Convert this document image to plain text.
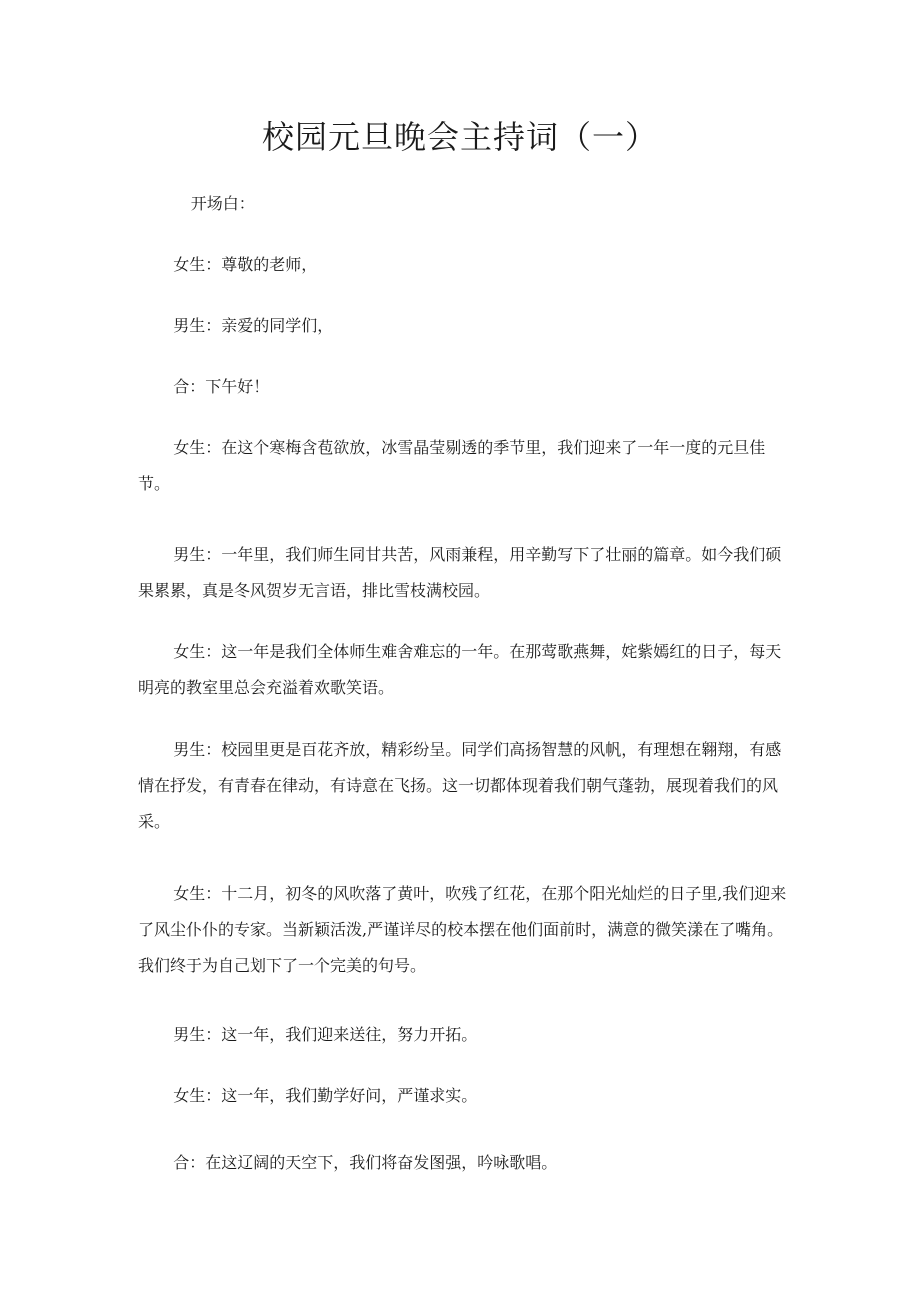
校园元旦晚会主持词（一）

开场白：

女生：尊敬的老师，

男生：亲爱的同学们，

合：下午好！

女生：在这个寒梅含苞欲放，冰雪晶莹剔透的季节里，我们迎来了一年一度的元旦佳节。

男生：一年里，我们师生同甘共苦，风雨兼程，用辛勤写下了壮丽的篇章。如今我们硕果累累，真是冬风贺岁无言语，排比雪枝满校园。

女生：这一年是我们全体师生难舍难忘的一年。在那莺歌燕舞，姹紫嫣红的日子，每天明亮的教室里总会充溢着欢歌笑语。

男生：校园里更是百花齐放，精彩纷呈。同学们高扬智慧的风帆，有理想在翱翔，有感情在抒发，有青春在律动，有诗意在飞扬。这一切都体现着我们朝气蓬勃，展现着我们的风采。

女生：十二月，初冬的风吹落了黄叶，吹残了红花，在那个阳光灿烂的日子里,我们迎来了风尘仆仆的专家。当新颖活泼,严谨详尽的校本摆在他们面前时，满意的微笑漾在了嘴角。我们终于为自己划下了一个完美的句号。

男生：这一年，我们迎来送往，努力开拓。

女生：这一年，我们勤学好问，严谨求实。

合：在这辽阔的天空下，我们将奋发图强，吟咏歌唱。
